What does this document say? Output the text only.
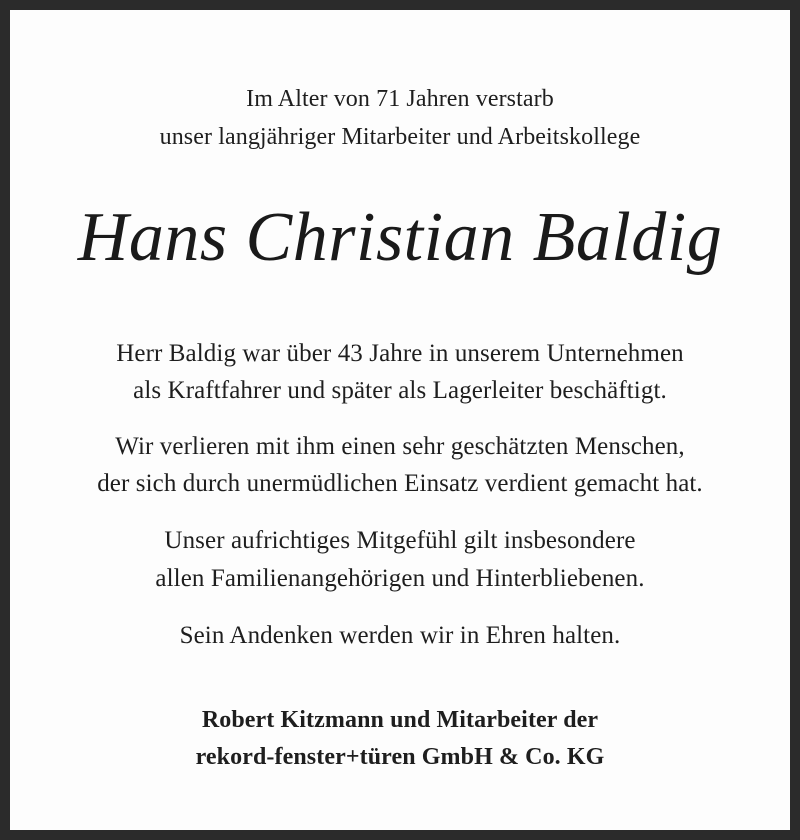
Im Alter von 71 Jahren verstarb
unser langjähriger Mitarbeiter und Arbeitskollege
Hans Christian Baldig
Herr Baldig war über 43 Jahre in unserem Unternehmen
als Kraftfahrer und später als Lagerleiter beschäftigt.
Wir verlieren mit ihm einen sehr geschätzten Menschen,
der sich durch unermüdlichen Einsatz verdient gemacht hat.
Unser aufrichtiges Mitgefühl gilt insbesondere
allen Familienangehörigen und Hinterbliebenen.
Sein Andenken werden wir in Ehren halten.
Robert Kitzmann und Mitarbeiter der
rekord-fenster+türen GmbH & Co. KG
